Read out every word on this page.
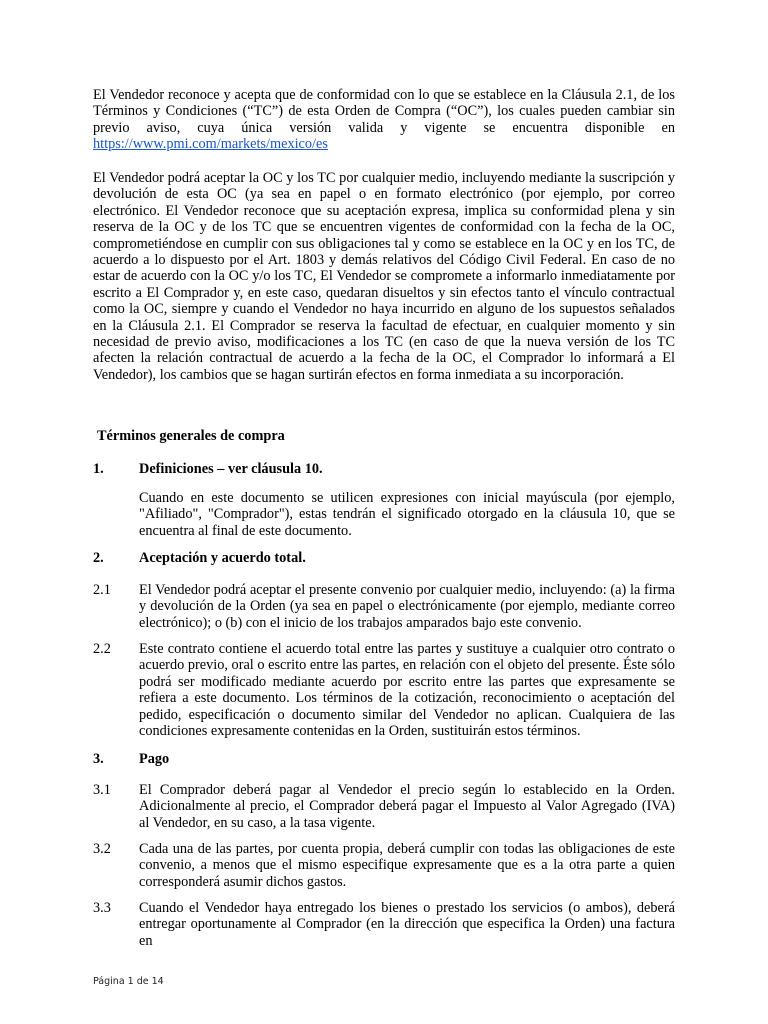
El Vendedor reconoce y acepta que de conformidad con lo que se establece en la Cláusula 2.1, de los Términos y Condiciones (“TC”) de esta Orden de Compra (“OC”), los cuales pueden cambiar sin previo aviso, cuya única versión valida y vigente se encuentra disponible en https://www.pmi.com/markets/mexico/es
El Vendedor podrá aceptar la OC y los TC por cualquier medio, incluyendo mediante la suscripción y devolución de esta OC (ya sea en papel o en formato electrónico (por ejemplo, por correo electrónico. El Vendedor reconoce que su aceptación expresa, implica su conformidad plena y sin reserva de la OC y de los TC que se encuentren vigentes de conformidad con la fecha de la OC, comprometiéndose en cumplir con sus obligaciones tal y como se establece en la OC y en los TC, de acuerdo a lo dispuesto por el Art. 1803 y demás relativos del Código Civil Federal. En caso de no estar de acuerdo con la OC y/o los TC, El Vendedor se compromete a informarlo inmediatamente por escrito a El Comprador y, en este caso, quedaran disueltos y sin efectos tanto el vínculo contractual como la OC, siempre y cuando el Vendedor no haya incurrido en alguno de los supuestos señalados en la Cláusula 2.1. El Comprador se reserva la facultad de efectuar, en cualquier momento y sin necesidad de previo aviso, modificaciones a los TC (en caso de que la nueva versión de los TC afecten la relación contractual de acuerdo a la fecha de la OC, el Comprador lo informará a El Vendedor), los cambios que se hagan surtirán efectos en forma inmediata a su incorporación.
Términos generales de compra
1. Definiciones – ver cláusula 10.
Cuando en este documento se utilicen expresiones con inicial mayúscula (por ejemplo, "Afiliado", "Comprador"), estas tendrán el significado otorgado en la cláusula 10, que se encuentra al final de este documento.
2. Aceptación y acuerdo total.
2.1 El Vendedor podrá aceptar el presente convenio por cualquier medio, incluyendo: (a) la firma y devolución de la Orden (ya sea en papel o electrónicamente (por ejemplo, mediante correo electrónico); o (b) con el inicio de los trabajos amparados bajo este convenio.
2.2 Este contrato contiene el acuerdo total entre las partes y sustituye a cualquier otro contrato o acuerdo previo, oral o escrito entre las partes, en relación con el objeto del presente. Éste sólo podrá ser modificado mediante acuerdo por escrito entre las partes que expresamente se refiera a este documento. Los términos de la cotización, reconocimiento o aceptación del pedido, especificación o documento similar del Vendedor no aplican. Cualquiera de las condiciones expresamente contenidas en la Orden, sustituirán estos términos.
3. Pago
3.1 El Comprador deberá pagar al Vendedor el precio según lo establecido en la Orden. Adicionalmente al precio, el Comprador deberá pagar el Impuesto al Valor Agregado (IVA) al Vendedor, en su caso, a la tasa vigente.
3.2 Cada una de las partes, por cuenta propia, deberá cumplir con todas las obligaciones de este convenio, a menos que el mismo especifique expresamente que es a la otra parte a quien corresponderá asumir dichos gastos.
3.3 Cuando el Vendedor haya entregado los bienes o prestado los servicios (o ambos), deberá entregar oportunamente al Comprador (en la dirección que especifica la Orden) una factura en
Página 1 de 14
